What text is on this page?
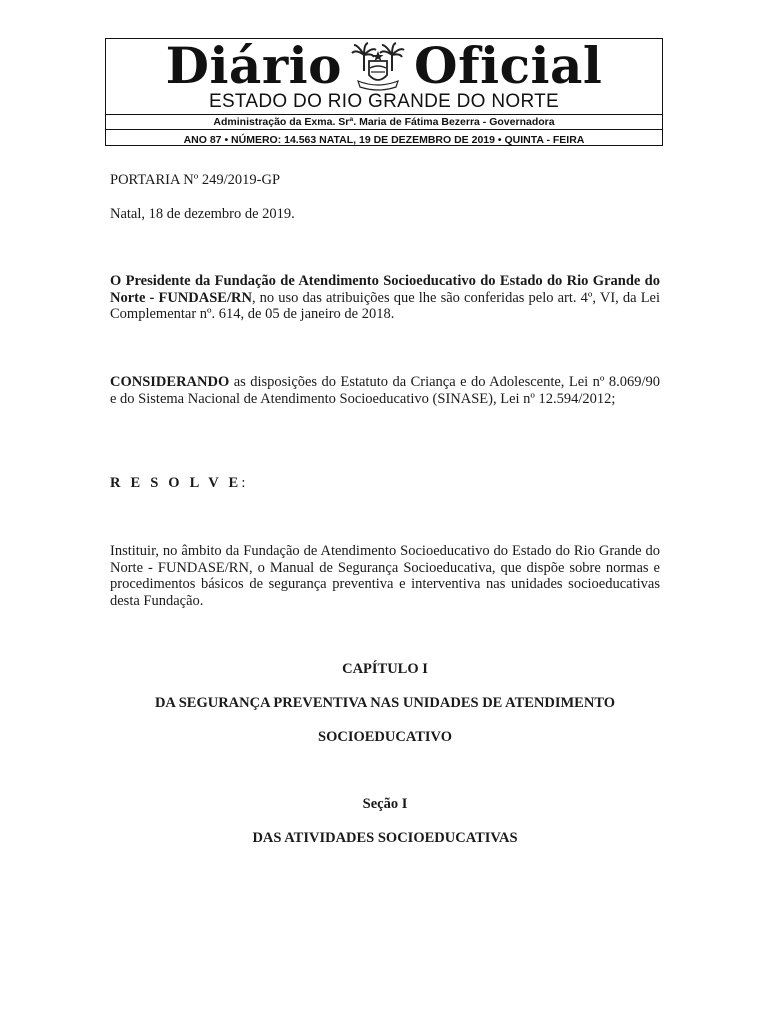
Diário Oficial
ESTADO DO RIO GRANDE DO NORTE
Administração da Exma. Srª. Maria de Fátima Bezerra - Governadora
ANO 87 • NÚMERO: 14.563 NATAL, 19 DE DEZEMBRO DE 2019 • QUINTA - FEIRA
PORTARIA Nº 249/2019-GP
Natal, 18 de dezembro de 2019.
O Presidente da Fundação de Atendimento Socioeducativo do Estado do Rio Grande do Norte - FUNDASE/RN, no uso das atribuições que lhe são conferidas pelo art. 4º, VI, da Lei Complementar nº. 614, de 05 de janeiro de 2018.
CONSIDERANDO as disposições do Estatuto da Criança e do Adolescente, Lei nº 8.069/90 e do Sistema Nacional de Atendimento Socioeducativo (SINASE), Lei nº 12.594/2012;
R E S O L V E:
Instituir, no âmbito da Fundação de Atendimento Socioeducativo do Estado do Rio Grande do Norte - FUNDASE/RN, o Manual de Segurança Socioeducativa, que dispõe sobre normas e procedimentos básicos de segurança preventiva e interventiva nas unidades socioeducativas desta Fundação.
CAPÍTULO I
DA SEGURANÇA PREVENTIVA NAS UNIDADES DE ATENDIMENTO
SOCIOEDUCATIVO
Seção I
DAS ATIVIDADES SOCIOEDUCATIVAS
